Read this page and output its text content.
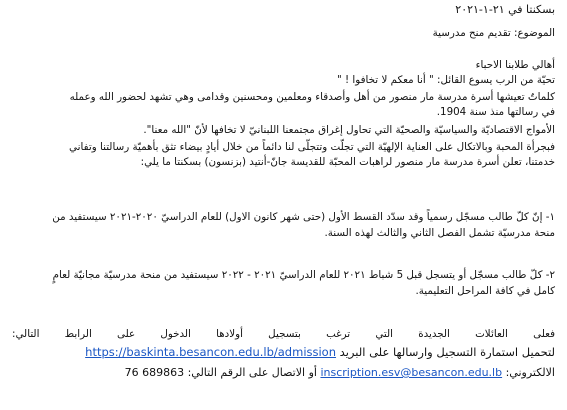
بسكنتا في ٢١-١-٢٠٢١
الموضوع: تقديم منح مدرسية
أهالي طلابنا الاحباء
تحيّة من الرب يسوع القائل: " أنا معكم لا تخافوا ! "
كلماتٌ تعيشها أسرة مدرسة مار منصور من أهل وأصدقاء ومعلمين ومحسنين وقدامى وهي تشهد لحضور الله وعمله
في رسالتها منذ سنة 1904.
الأمواج الاقتصاديّة والسياسيّة والصحيّة التي تحاول إغراق مجتمعنا اللبنانيّ لا تخافها لأنّ "الله معنا".
فبجرأة المحبة وبالاتكال على العناية الإلهيّة التي تجلّت وتتجلّى لنا دائماً من خلال أيادٍ بيضاء تثق بأهميّة رسالتنا وتفاني
خدمتنا، تعلن أسرة مدرسة مار منصور لراهبات المحبّة للقديسة جانّ-أنتيد (بزنسون) بسكنتا ما يلي:
١- إنّ كلّ طالب مسجّل رسمياً وقد سدّد القسط الأول (حتى شهر كانون الاول) للعام الدراسيّ ٢٠٢٠-٢٠٢١ سيستفيد من
منحة مدرسيّة تشمل الفصل الثاني والثالث لهذه السنة.
٢- كلّ طالب مسجّل أو يتسجل قبل 5 شباط ٢٠٢١ للعام الدراسيّ ٢٠٢١ - ٢٠٢٢ سيستفيد من منحة مدرسيّة مجانيّة لعامٍ
كامل في كافة المراحل التعليمية.
فعلى العائلات الجديدة التي ترغب بتسجيل أولادها الدخول على الرابط التالي:
لتحميل استمارة التسجيل وارسالها على البريد https://baskinta.besancon.edu.lb/admission
الالكتروني: inscription.esv@besancon.edu.lb أو الاتصال على الرقم التالي: 76 689863
